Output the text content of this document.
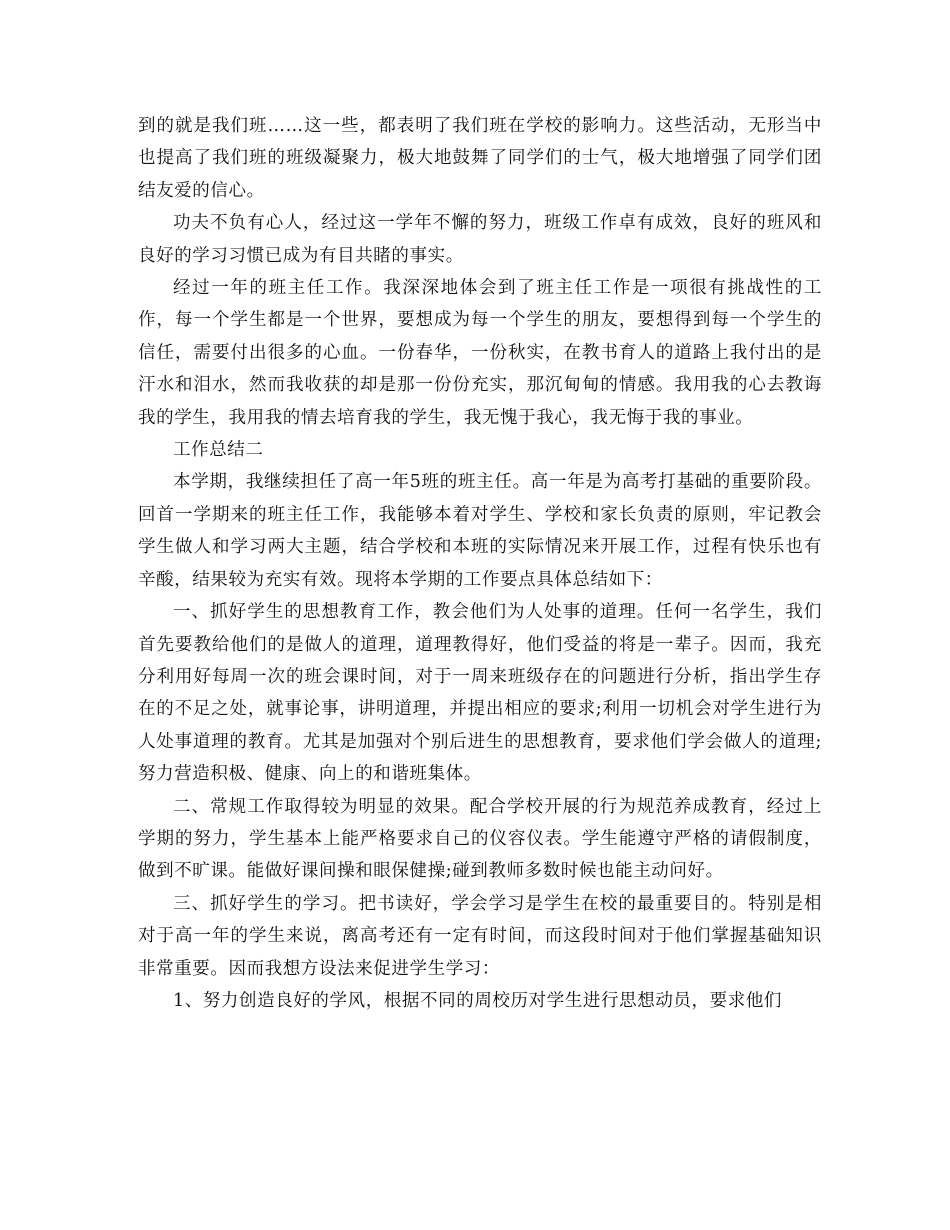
到的就是我们班……这一些，都表明了我们班在学校的影响力。这些活动，无形当中也提高了我们班的班级凝聚力，极大地鼓舞了同学们的士气，极大地增强了同学们团结友爱的信心。

功夫不负有心人，经过这一学年不懈的努力，班级工作卓有成效，良好的班风和良好的学习习惯已成为有目共睹的事实。

经过一年的班主任工作。我深深地体会到了班主任工作是一项很有挑战性的工作，每一个学生都是一个世界，要想成为每一个学生的朋友，要想得到每一个学生的信任，需要付出很多的心血。一份春华，一份秋实，在教书育人的道路上我付出的是汗水和泪水，然而我收获的却是那一份份充实，那沉甸甸的情感。我用我的心去教诲我的学生，我用我的情去培育我的学生，我无愧于我心，我无悔于我的事业。

工作总结二

本学期，我继续担任了高一年5班的班主任。高一年是为高考打基础的重要阶段。回首一学期来的班主任工作，我能够本着对学生、学校和家长负责的原则，牢记教会学生做人和学习两大主题，结合学校和本班的实际情况来开展工作，过程有快乐也有辛酸，结果较为充实有效。现将本学期的工作要点具体总结如下：

一、抓好学生的思想教育工作，教会他们为人处事的道理。任何一名学生，我们首先要教给他们的是做人的道理，道理教得好，他们受益的将是一辈子。因而，我充分利用好每周一次的班会课时间，对于一周来班级存在的问题进行分析，指出学生存在的不足之处，就事论事，讲明道理，并提出相应的要求;利用一切机会对学生进行为人处事道理的教育。尤其是加强对个别后进生的思想教育，要求他们学会做人的道理;努力营造积极、健康、向上的和谐班集体。

二、常规工作取得较为明显的效果。配合学校开展的行为规范养成教育，经过上学期的努力，学生基本上能严格要求自己的仪容仪表。学生能遵守严格的请假制度，做到不旷课。能做好课间操和眼保健操;碰到教师多数时候也能主动问好。

三、抓好学生的学习。把书读好，学会学习是学生在校的最重要目的。特别是相对于高一年的学生来说，离高考还有一定有时间，而这段时间对于他们掌握基础知识非常重要。因而我想方设法来促进学生学习：

1、努力创造良好的学风，根据不同的周校历对学生进行思想动员，要求他们
